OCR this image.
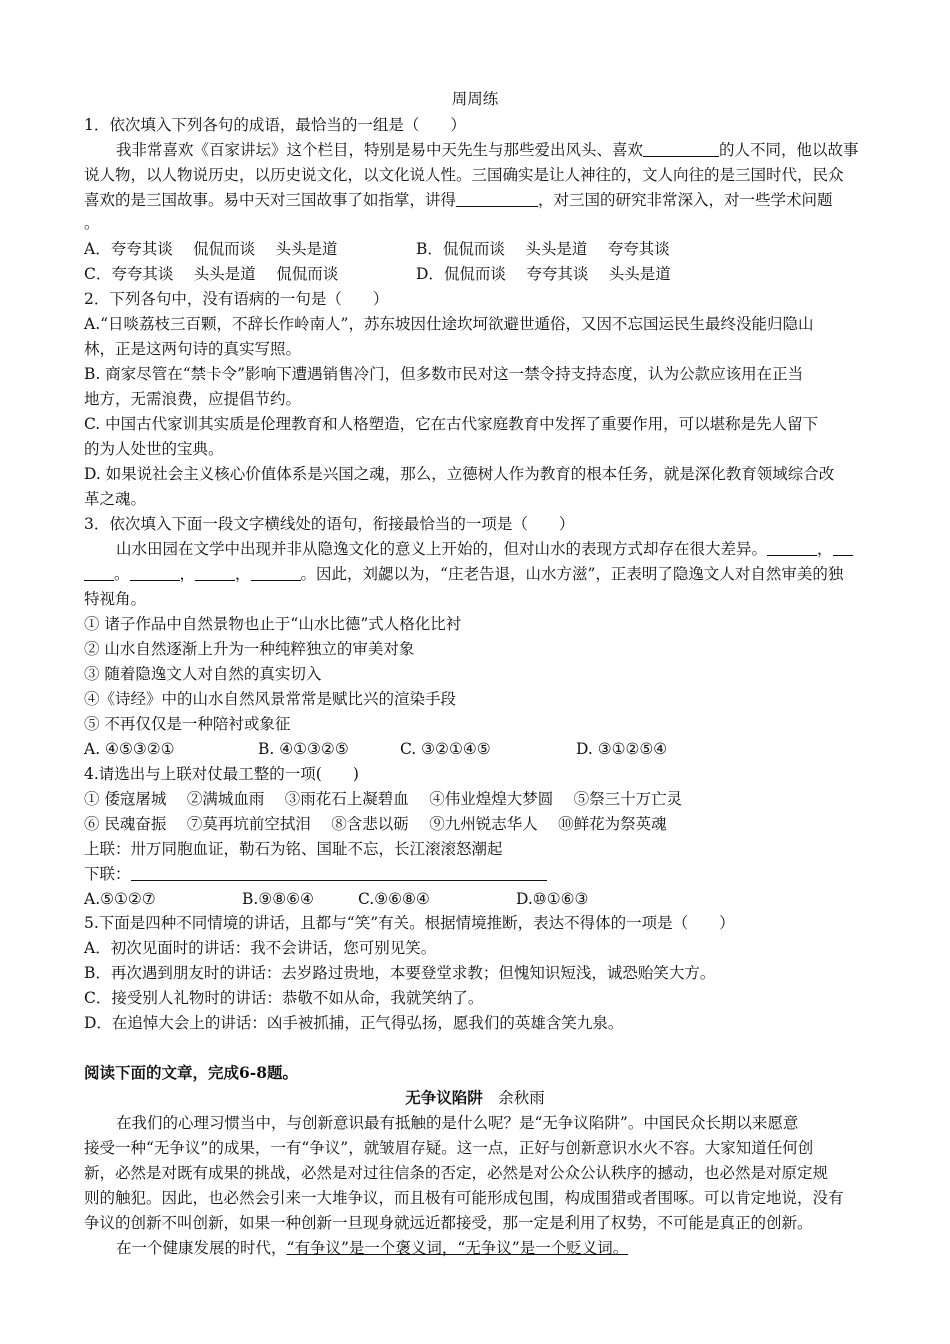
周周练
1．依次填入下列各句的成语，最恰当的一组是（　　）
我非常喜欢《百家讲坛》这个栏目，特别是易中天先生与那些爱出风头、喜欢	的人不同，他以故事
说人物，以人物说历史，以历史说文化，以文化说人性。三国确实是让人神往的，文人向往的是三国时代，民众
喜欢的是三国故事。易中天对三国故事了如指掌，讲得	，对三国的研究非常深入，对一些学术问题
。
A．夸夸其谈　 侃侃而谈　 头头是道	B．侃侃而谈　 头头是道　 夸夸其谈
C．夸夸其谈　 头头是道　 侃侃而谈	D．侃侃而谈　 夸夸其谈　 头头是道
2．下列各句中，没有语病的一句是（　　）
A.“日啖荔枝三百颗，不辞长作岭南人”，苏东坡因仕途坎坷欲避世遁俗，又因不忘国运民生最终没能归隐山
林，正是这两句诗的真实写照。
B. 商家尽管在“禁卡令”影响下遭遇销售冷门，但多数市民对这一禁令持支持态度，认为公款应该用在正当
地方，无需浪费，应提倡节约。
C. 中国古代家训其实质是伦理教育和人格塑造，它在古代家庭教育中发挥了重要作用，可以堪称是先人留下
的为人处世的宝典。
D. 如果说社会主义核心价值体系是兴国之魂，那么，立德树人作为教育的根本任务，就是深化教育领域综合改
革之魂。
3．依次填入下面一段文字横线处的语句，衔接最恰当的一项是（　　）
山水田园在文学中出现并非从隐逸文化的意义上开始的，但对山水的表现方式却存在很大差异。	，
。	，	，	。因此，刘勰以为，“庄老告退，山水方滋”，正表明了隐逸文人对自然审美的独
特视角。
① 诸子作品中自然景物也止于“山水比德”式人格化比衬
② 山水自然逐渐上升为一种纯粹独立的审美对象
③ 随着隐逸文人对自然的真实切入
④《诗经》中的山水自然风景常常是赋比兴的渲染手段
⑤ 不再仅仅是一种陪衬或象征
A. ④⑤③②①	B. ④①③②⑤	C. ③②①④⑤	D. ③①②⑤④
4.请选出与上联对仗最工整的一项(　　)
① 倭寇屠城　 ②满城血雨　 ③雨花石上凝碧血　 ④伟业煌煌大梦圆　 ⑤祭三十万亡灵
⑥ 民魂奋振　 ⑦莫再坑前空拭泪　 ⑧含悲以砺　 ⑨九州锐志华人　 ⑩鲜花为祭英魂
上联：卅万同胞血证，勒石为铭、国耻不忘，长江滚滚怒潮起
下联：
A.⑤①②⑦	B.⑨⑧⑥④	C.⑨⑥⑧④	D.⑩①⑥③
5.下面是四种不同情境的讲话，且都与“笑”有关。根据情境推断，表达不得体的一项是（　　）
A．初次见面时的讲话：我不会讲话，您可别见笑。
B．再次遇到朋友时的讲话：去岁路过贵地，本要登堂求教；但愧知识短浅，诚恐贻笑大方。
C．接受别人礼物时的讲话：恭敬不如从命，我就笑纳了。
D．在追悼大会上的讲话：凶手被抓捕，正气得弘扬，愿我们的英雄含笑九泉。
阅读下面的文章，完成6-8题。
无争议陷阱　 余秋雨
在我们的心理习惯当中，与创新意识最有抵触的是什么呢？是“无争议陷阱”。中国民众长期以来愿意
接受一种“无争议”的成果，一有“争议”，就皱眉存疑。这一点，正好与创新意识水火不容。大家知道任何创
新，必然是对既有成果的挑战，必然是对过往信条的否定，必然是对公众公认秩序的撼动，也必然是对原定规
则的触犯。因此，也必然会引来一大堆争议，而且极有可能形成包围，构成围猎或者围啄。可以肯定地说，没有
争议的创新不叫创新，如果一种创新一旦现身就远近都接受，那一定是利用了权势，不可能是真正的创新。
在一个健康发展的时代，“有争议”是一个褒义词，“无争议”是一个贬义词。
